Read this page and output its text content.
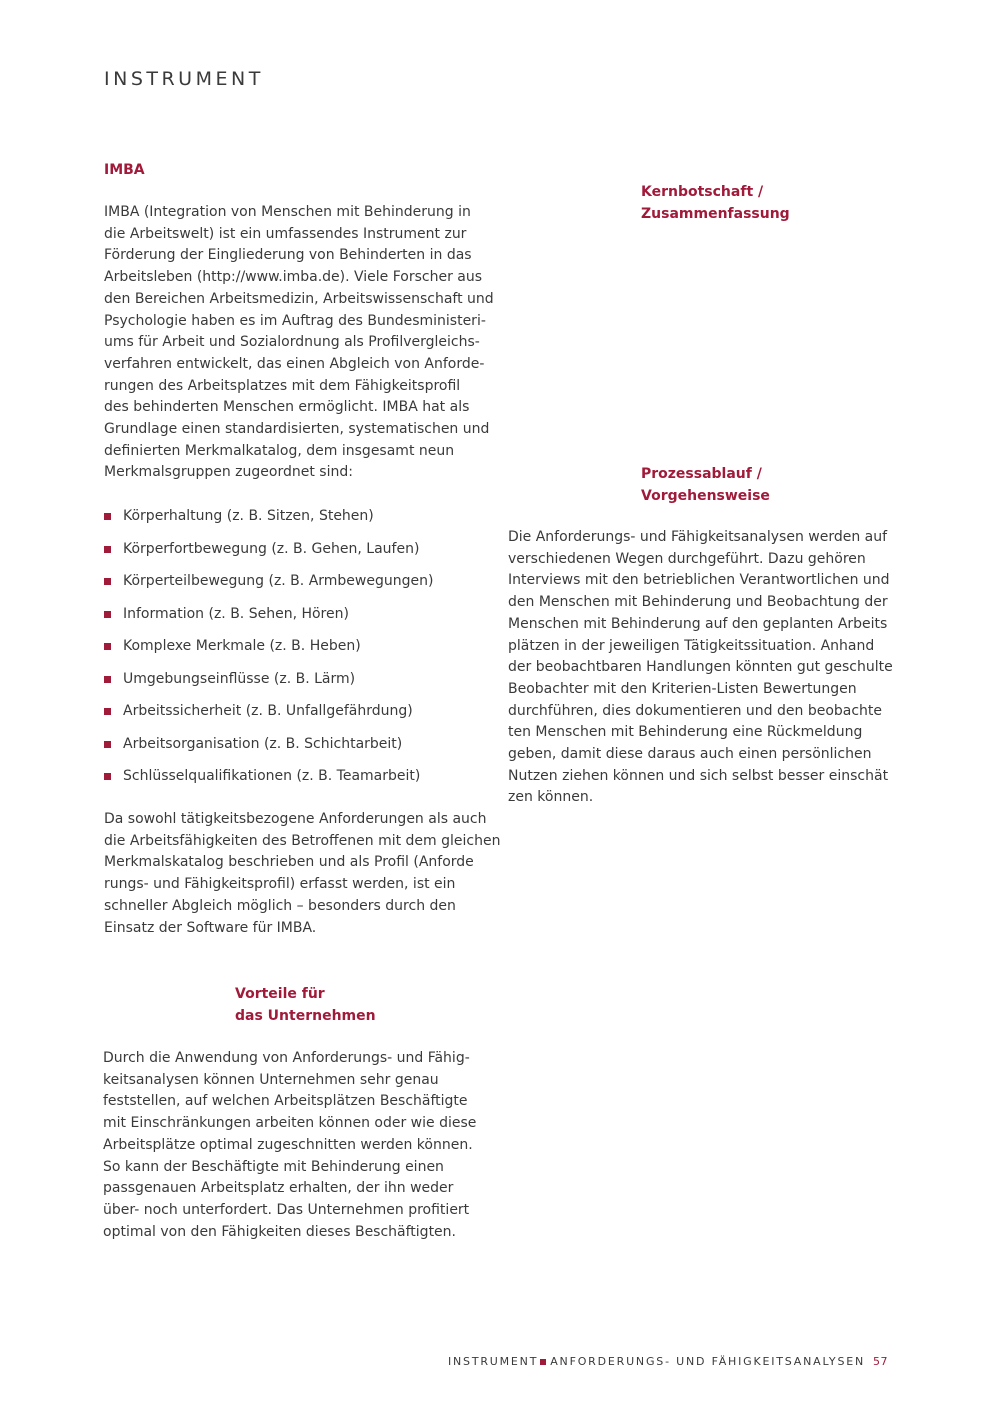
INSTRUMENT
IMBA
IMBA (Integration von Menschen mit Behinderung in
die Arbeitswelt) ist ein umfassendes Instrument zur
Förderung der Eingliederung von Behinderten in das
Arbeitsleben (http://www.imba.de). Viele Forscher aus
den Bereichen Arbeitsmedizin, Arbeitswissenschaft und
Psychologie haben es im Auftrag des Bundesministeri-
ums für Arbeit und Sozialordnung als Profilvergleichs-
verfahren entwickelt, das einen Abgleich von Anforde-
rungen des Arbeitsplatzes mit dem Fähigkeitsprofil
des behinderten Menschen ermöglicht. IMBA hat als
Grundlage einen standardisierten, systematischen und
definierten Merkmalkatalog, dem insgesamt neun
Merkmalsgruppen zugeordnet sind:
Körperhaltung (z. B. Sitzen, Stehen)
Körperfortbewegung (z. B. Gehen, Laufen)
Körperteilbewegung (z. B. Armbewegungen)
Information (z. B. Sehen, Hören)
Komplexe Merkmale (z. B. Heben)
Umgebungseinflüsse (z. B. Lärm)
Arbeitssicherheit (z. B. Unfallgefährdung)
Arbeitsorganisation (z. B. Schichtarbeit)
Schlüsselqualifikationen (z. B. Teamarbeit)
Da sowohl tätigkeitsbezogene Anforderungen als auch
die Arbeitsfähigkeiten des Betroffenen mit dem gleichen
Merkmalskatalog beschrieben und als Profil (Anforde
rungs- und Fähigkeitsprofil) erfasst werden, ist ein
schneller Abgleich möglich – besonders durch den
Einsatz der Software für IMBA.
Vorteile für
das Unternehmen
Durch die Anwendung von Anforderungs- und Fähig-
keitsanalysen können Unternehmen sehr genau
feststellen, auf welchen Arbeitsplätzen Beschäftigte
mit Einschränkungen arbeiten können oder wie diese
Arbeitsplätze optimal zugeschnitten werden können.
So kann der Beschäftigte mit Behinderung einen
passgenauen Arbeitsplatz erhalten, der ihn weder
über- noch unterfordert. Das Unternehmen profitiert
optimal von den Fähigkeiten dieses Beschäftigten.
Kernbotschaft /
Zusammenfassung
Prozessablauf /
Vorgehensweise
Die Anforderungs- und Fähigkeitsanalysen werden auf
verschiedenen Wegen durchgeführt. Dazu gehören
Interviews mit den betrieblichen Verantwortlichen und
den Menschen mit Behinderung und Beobachtung der
Menschen mit Behinderung auf den geplanten Arbeits
plätzen in der jeweiligen Tätigkeitssituation. Anhand
der beobachtbaren Handlungen könnten gut geschulte
Beobachter mit den Kriterien-Listen Bewertungen
durchführen, dies dokumentieren und den beobachte
ten Menschen mit Behinderung eine Rückmeldung
geben, damit diese daraus auch einen persönlichen
Nutzen ziehen können und sich selbst besser einschät
zen können.
INSTRUMENT ANFORDERUNGS- UND FÄHIGKEITSANALYSEN 57
